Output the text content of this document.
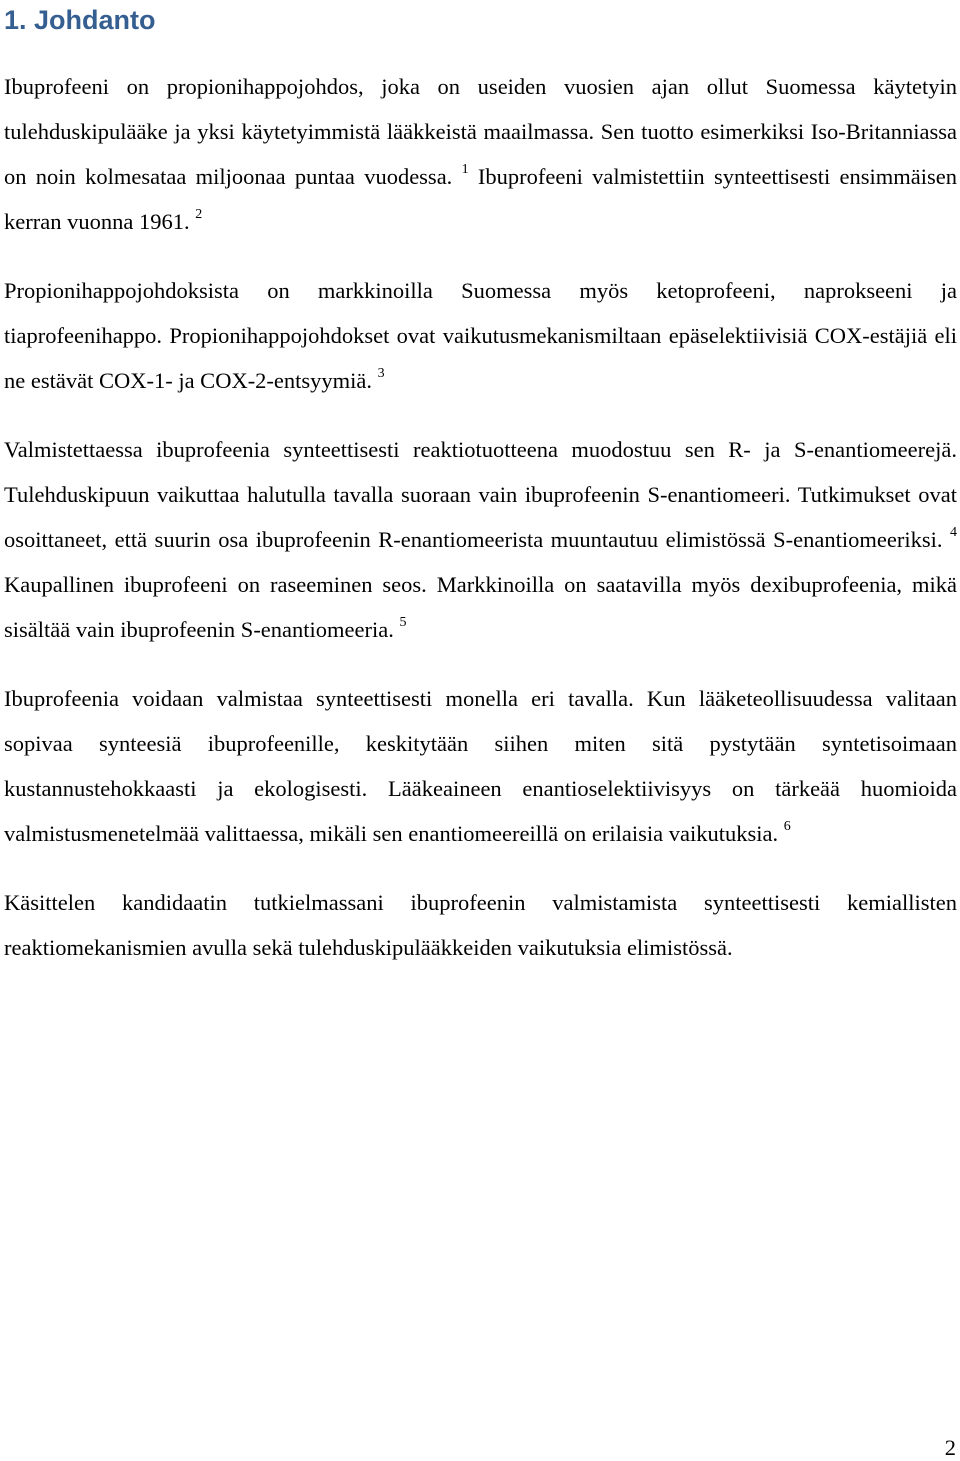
1. Johdanto

Ibuprofeeni on propionihappojohdos, joka on useiden vuosien ajan ollut Suomessa käytetyin tulehduskipulääke ja yksi käytetyimmistä lääkkeistä maailmassa. Sen tuotto esimerkiksi Iso-Britanniassa on noin kolmesataa miljoonaa puntaa vuodessa. $^1$ Ibuprofeeni valmistettiin synteettisesti ensimmäisen kerran vuonna 1961. $^2$

Propionihappojohdoksista on markkinoilla Suomessa myös ketoprofeeni, naprokseeni ja tiaprofeenihappo. Propionihappojohdokset ovat vaikutusmekanismiltaan epäselektiivisiä COX-estäjiä eli ne estävät COX-1- ja COX-2-entsyymiä. $^3$

Valmistettaessa ibuprofeenia synteettisesti reaktiotuotteena muodostuu sen R- ja S-enantiomeerejä. Tulehduskipuun vaikuttaa halutulla tavalla suoraan vain ibuprofeenin S-enantiomeeri. Tutkimukset ovat osoittaneet, että suurin osa ibuprofeenin R-enantiomeerista muuntautuu elimistössä S-enantiomeeriksi. $^4$ Kaupallinen ibuprofeeni on raseeminen seos. Markkinoilla on saatavilla myös dexibuprofeenia, mikä sisältää vain ibuprofeenin S-enantiomeeria. $^5$

Ibuprofeenia voidaan valmistaa synteettisesti monella eri tavalla. Kun lääketeollisuudessa valitaan sopivaa synteesiä ibuprofeenille, keskitytään siihen miten sitä pystytään syntetisoimaan kustannustehokkaasti ja ekologisesti. Lääkeaineen enantioselektiivisyys on tärkeää huomioida valmistusmenetelmää valittaessa, mikäli sen enantiomeereillä on erilaisia vaikutuksia. $^6$

Käsittelen kandidaatin tutkielmassani ibuprofeenin valmistamista synteettisesti kemiallisten reaktiomekanismien avulla sekä tulehduskipulääkkeiden vaikutuksia elimistössä.

2
